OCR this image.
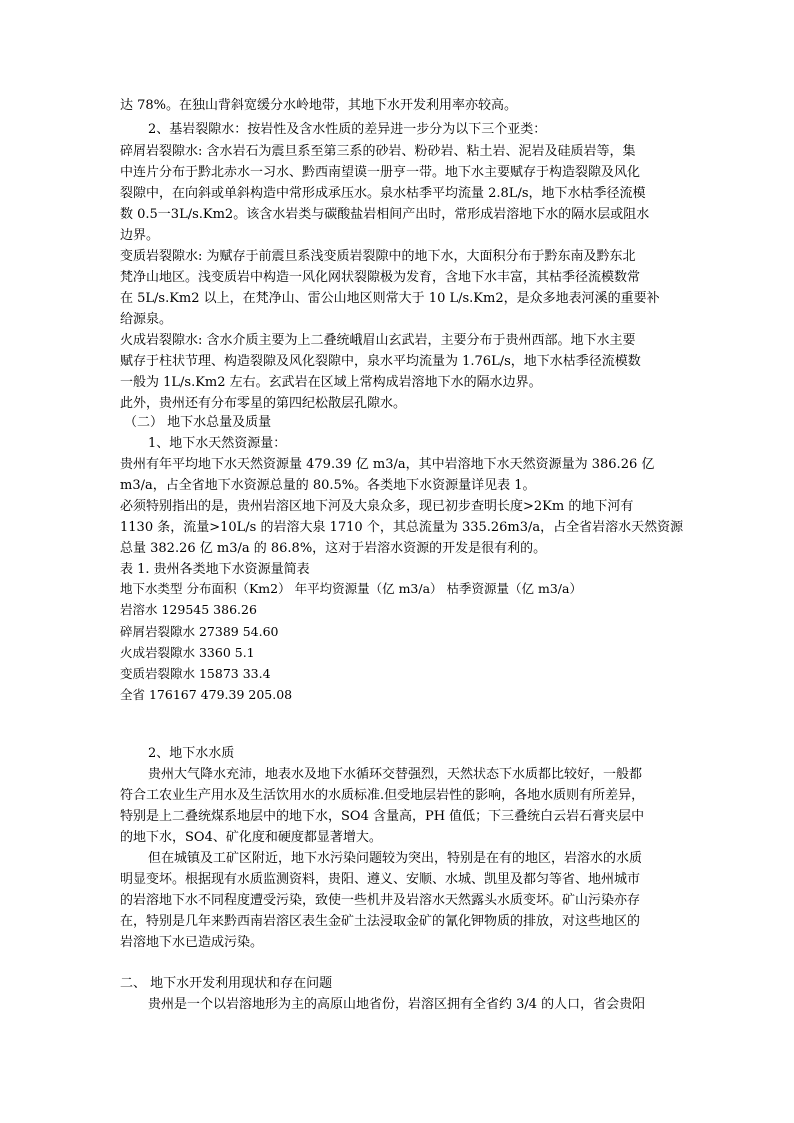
达 78%。在独山背斜宽缓分水岭地带，其地下水开发利用率亦较高。
2、基岩裂隙水：按岩性及含水性质的差异进一步分为以下三个亚类：
碎屑岩裂隙水: 含水岩石为震旦系至第三系的砂岩、粉砂岩、粘土岩、泥岩及硅质岩等，集
中连片分布于黔北赤水一习水、黔西南望谟一册亨一带。地下水主要赋存于构造裂隙及风化
裂隙中，在向斜或单斜构造中常形成承压水。泉水枯季平均流量 2.8L/s，地下水枯季径流模
数 0.5一3L/s.Km2。该含水岩类与碳酸盐岩相间产出时，常形成岩溶地下水的隔水层或阻水
边界。
变质岩裂隙水: 为赋存于前震旦系浅变质岩裂隙中的地下水，大面积分布于黔东南及黔东北
梵净山地区。浅变质岩中构造一风化网状裂隙极为发育，含地下水丰富，其枯季径流模数常
在 5L/s.Km2 以上，在梵净山、雷公山地区则常大于 10 L/s.Km2，是众多地表河溪的重要补
给源泉。
火成岩裂隙水: 含水介质主要为上二叠统峨眉山玄武岩，主要分布于贵州西部。地下水主要
赋存于柱状节理、构造裂隙及风化裂隙中，泉水平均流量为 1.76L/s，地下水枯季径流模数
一般为 1L/s.Km2 左右。玄武岩在区域上常构成岩溶地下水的隔水边界。
此外，贵州还有分布零星的第四纪松散层孔隙水。
（二） 地下水总量及质量
1、地下水天然资源量：
贵州有年平均地下水天然资源量 479.39 亿 m3/a，其中岩溶地下水天然资源量为 386.26 亿
m3/a，占全省地下水资源总量的 80.5%。各类地下水资源量详见表 1。
必须特别指出的是，贵州岩溶区地下河及大泉众多，现已初步查明长度>2Km 的地下河有
1130 条，流量>10L/s 的岩溶大泉 1710 个，其总流量为 335.26m3/a，占全省岩溶水天然资源
总量 382.26 亿 m3/a 的 86.8%，这对于岩溶水资源的开发是很有利的。
表 1. 贵州各类地下水资源量简表
地下水类型 分布面积（Km2） 年平均资源量（亿 m3/a） 枯季资源量（亿 m3/a）
岩溶水 129545 386.26
碎屑岩裂隙水 27389 54.60
火成岩裂隙水 3360 5.1
变质岩裂隙水 15873 33.4
全省 176167 479.39 205.08
2、地下水水质
贵州大气降水充沛，地表水及地下水循环交替强烈，天然状态下水质都比较好，一般都
符合工农业生产用水及生活饮用水的水质标准.但受地层岩性的影响，各地水质则有所差异，
特别是上二叠统煤系地层中的地下水，SO4 含量高，PH 值低；下三叠统白云岩石膏夹层中
的地下水，SO4、矿化度和硬度都显著增大。
但在城镇及工矿区附近，地下水污染问题较为突出，特别是在有的地区，岩溶水的水质
明显变坏。根据现有水质监测资料，贵阳、遵义、安顺、水城、凯里及都匀等省、地州城市
的岩溶地下水不同程度遭受污染，致使一些机井及岩溶水天然露头水质变坏。矿山污染亦存
在，特别是几年来黔西南岩溶区表生金矿土法浸取金矿的氰化钾物质的排放，对这些地区的
岩溶地下水已造成污染。
二、 地下水开发利用现状和存在问题
贵州是一个以岩溶地形为主的高原山地省份，岩溶区拥有全省约 3/4 的人口，省会贵阳
